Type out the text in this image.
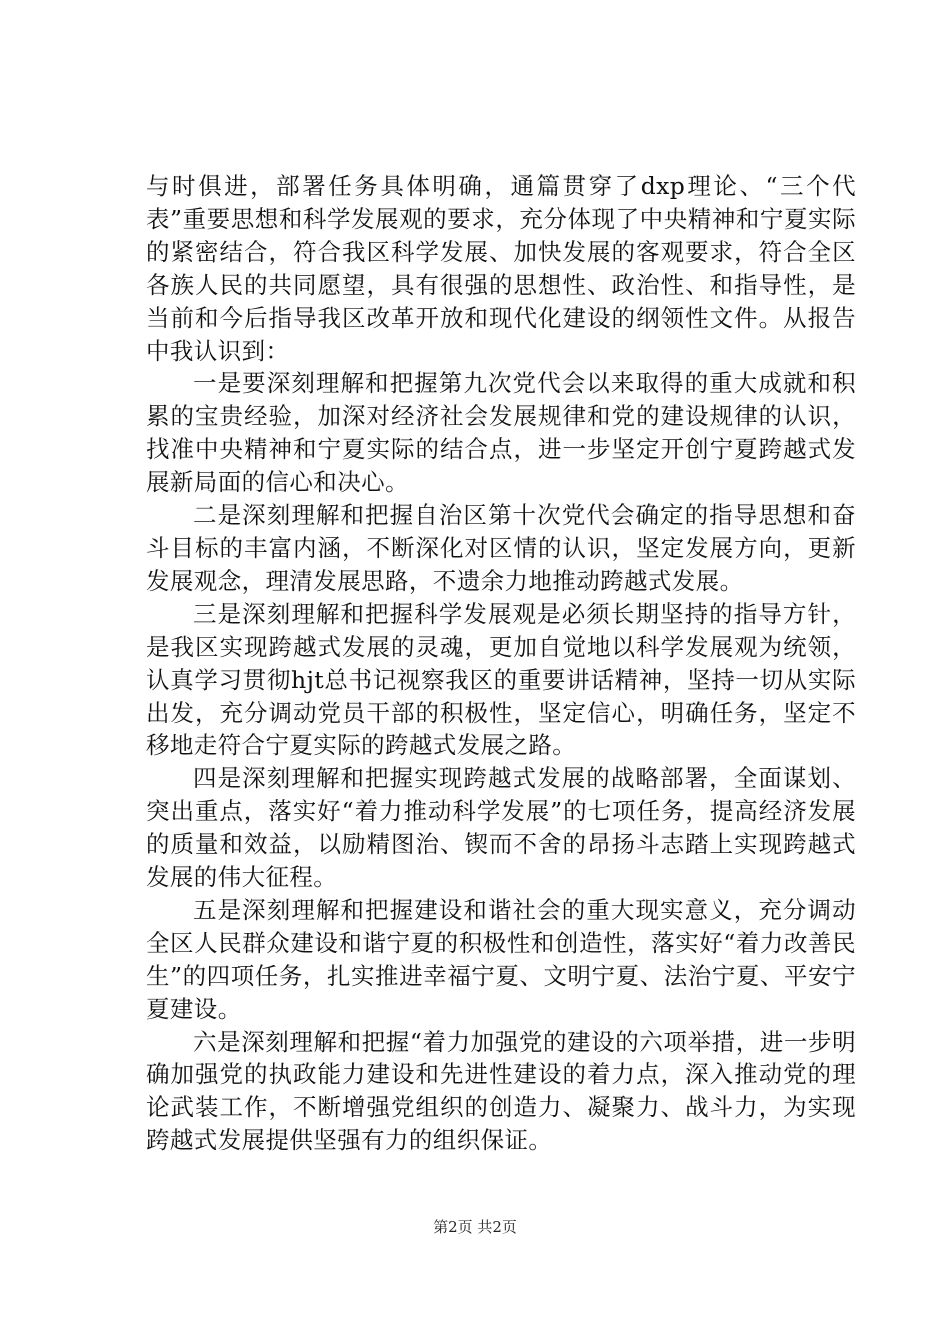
与时俱进，部署任务具体明确，通篇贯穿了dxp理论、“三个代表”重要思想和科学发展观的要求，充分体现了中央精神和宁夏实际的紧密结合，符合我区科学发展、加快发展的客观要求，符合全区各族人民的共同愿望，具有很强的思想性、政治性、和指导性，是当前和今后指导我区改革开放和现代化建设的纲领性文件。从报告中我认识到：

一是要深刻理解和把握第九次党代会以来取得的重大成就和积累的宝贵经验，加深对经济社会发展规律和党的建设规律的认识，找准中央精神和宁夏实际的结合点，进一步坚定开创宁夏跨越式发展新局面的信心和决心。

二是深刻理解和把握自治区第十次党代会确定的指导思想和奋斗目标的丰富内涵，不断深化对区情的认识，坚定发展方向，更新发展观念，理清发展思路，不遗余力地推动跨越式发展。

三是深刻理解和把握科学发展观是必须长期坚持的指导方针，是我区实现跨越式发展的灵魂，更加自觉地以科学发展观为统领，认真学习贯彻hjt总书记视察我区的重要讲话精神，坚持一切从实际出发，充分调动党员干部的积极性，坚定信心，明确任务，坚定不移地走符合宁夏实际的跨越式发展之路。

四是深刻理解和把握实现跨越式发展的战略部署，全面谋划、突出重点，落实好“着力推动科学发展”的七项任务，提高经济发展的质量和效益，以励精图治、锲而不舍的昂扬斗志踏上实现跨越式发展的伟大征程。

五是深刻理解和把握建设和谐社会的重大现实意义，充分调动全区人民群众建设和谐宁夏的积极性和创造性，落实好“着力改善民生”的四项任务，扎实推进幸福宁夏、文明宁夏、法治宁夏、平安宁夏建设。

六是深刻理解和把握“着力加强党的建设的六项举措，进一步明确加强党的执政能力建设和先进性建设的着力点，深入推动党的理论武装工作，不断增强党组织的创造力、凝聚力、战斗力，为实现跨越式发展提供坚强有力的组织保证。

第2页 共2页
